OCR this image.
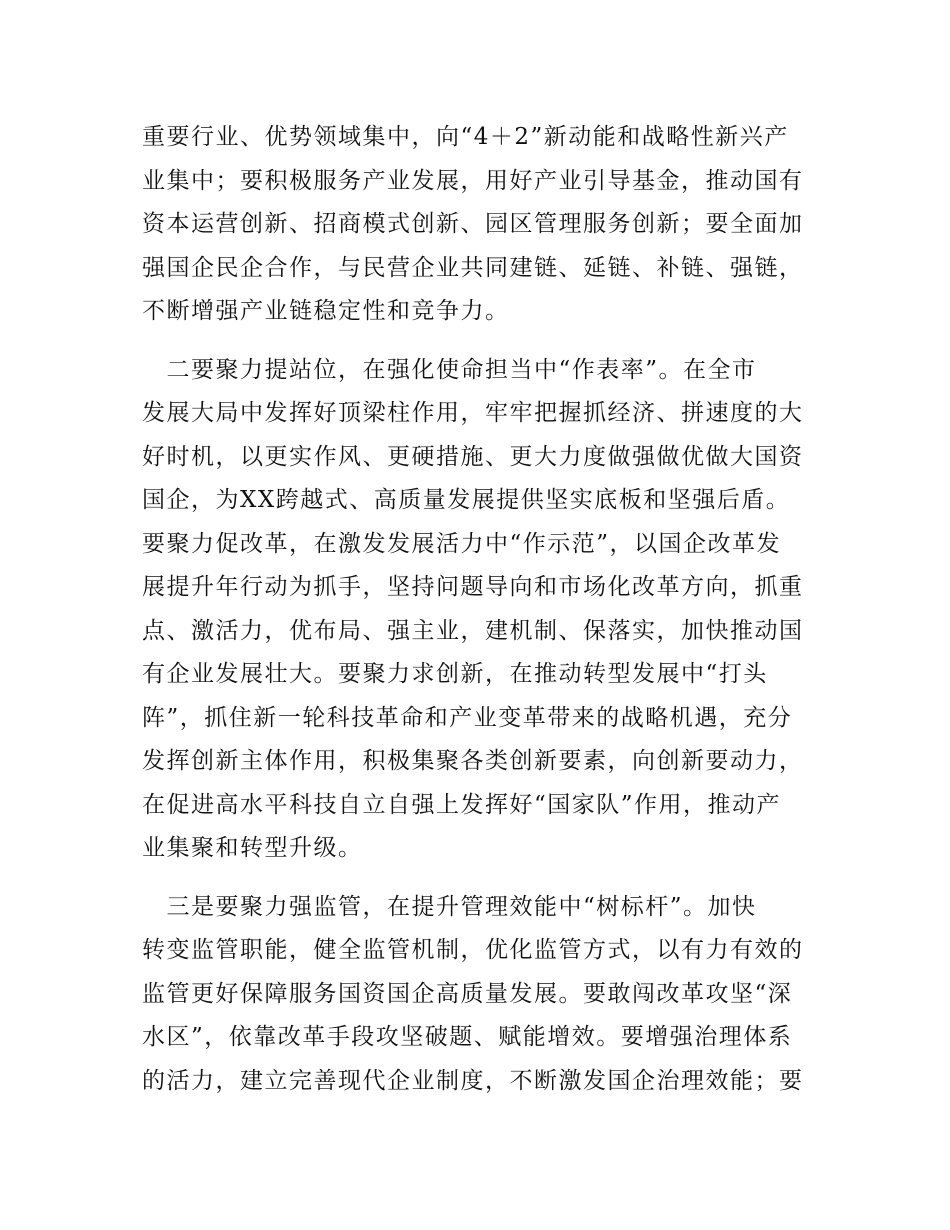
重要行业、优势领域集中，向“4＋2”新动能和战略性新兴产
业集中；要积极服务产业发展，用好产业引导基金，推动国有
资本运营创新、招商模式创新、园区管理服务创新；要全面加
强国企民企合作，与民营企业共同建链、延链、补链、强链，
不断增强产业链稳定性和竞争力。

　二要聚力提站位，在强化使命担当中“作表率”。在全市
发展大局中发挥好顶梁柱作用，牢牢把握抓经济、拼速度的大
好时机，以更实作风、更硬措施、更大力度做强做优做大国资
国企，为XX跨越式、高质量发展提供坚实底板和坚强后盾。
要聚力促改革，在激发发展活力中“作示范”，以国企改革发
展提升年行动为抓手，坚持问题导向和市场化改革方向，抓重
点、激活力，优布局、强主业，建机制、保落实，加快推动国
有企业发展壮大。要聚力求创新，在推动转型发展中“打头
阵”，抓住新一轮科技革命和产业变革带来的战略机遇，充分
发挥创新主体作用，积极集聚各类创新要素，向创新要动力，
在促进高水平科技自立自强上发挥好“国家队”作用，推动产
业集聚和转型升级。

　三是要聚力强监管，在提升管理效能中“树标杆”。加快
转变监管职能，健全监管机制，优化监管方式，以有力有效的
监管更好保障服务国资国企高质量发展。要敢闯改革攻坚“深
水区”，依靠改革手段攻坚破题、赋能增效。要增强治理体系
的活力，建立完善现代企业制度，不断激发国企治理效能；要
